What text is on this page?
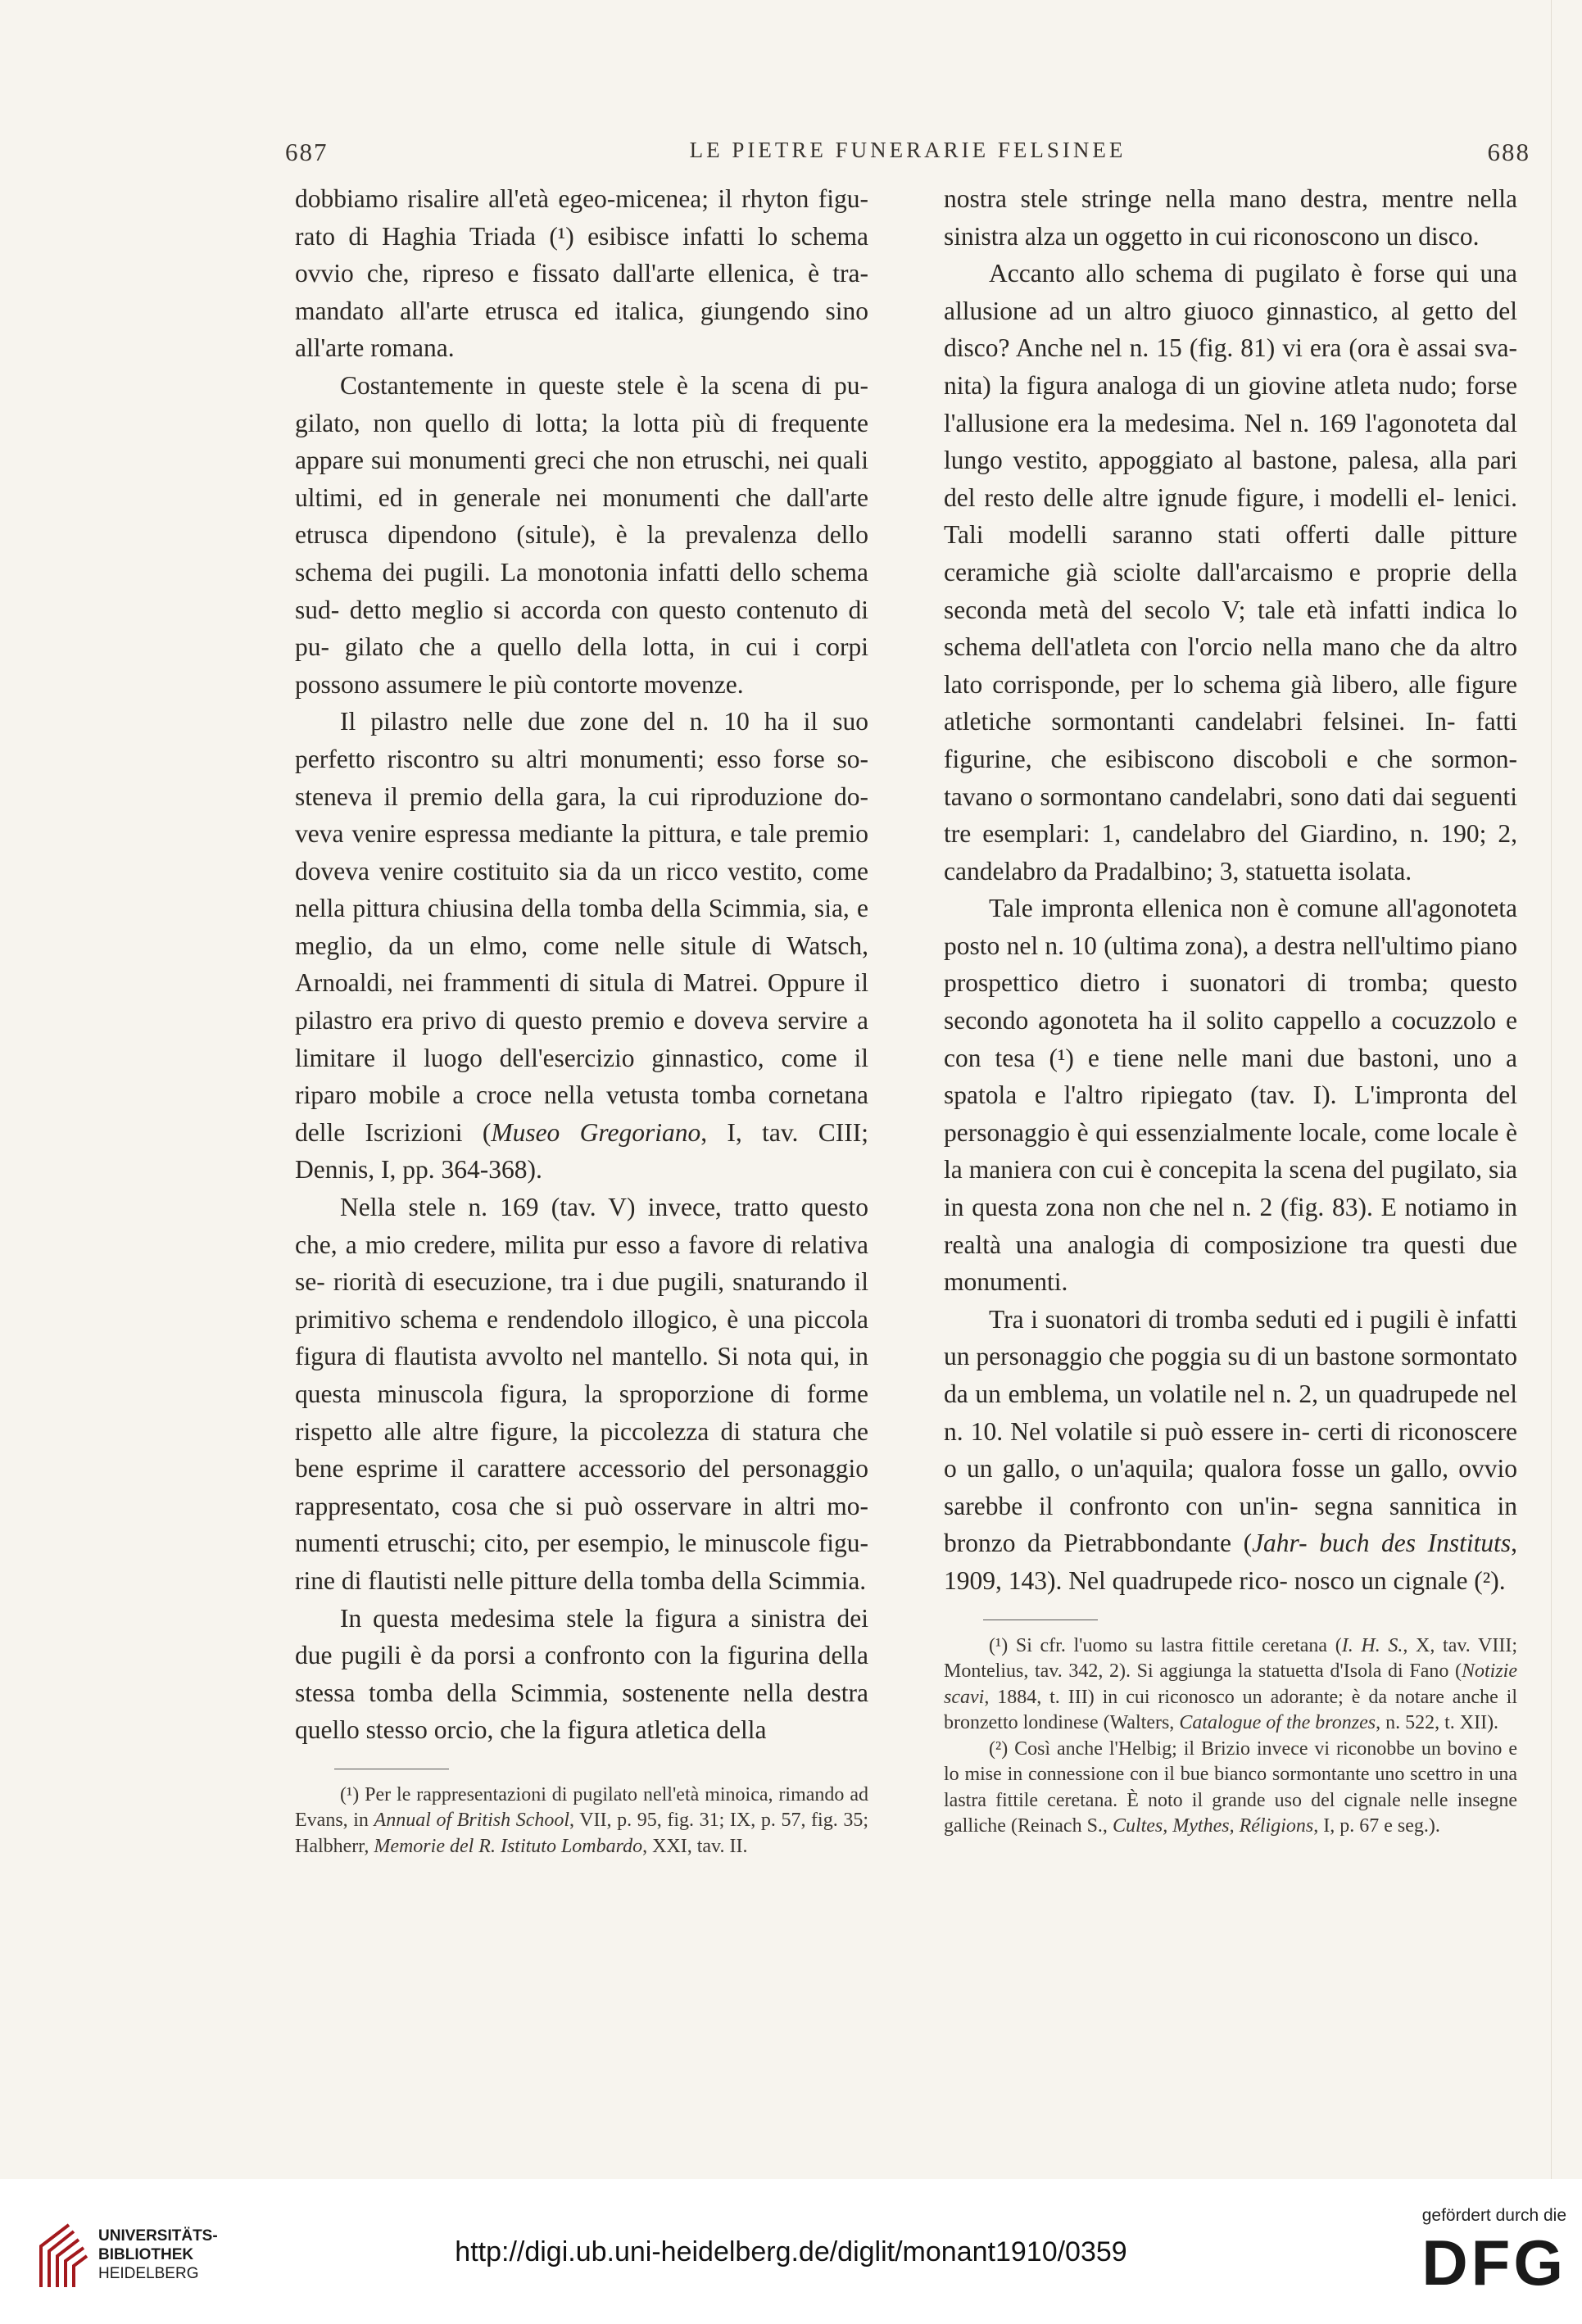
687	LE PIETRE FUNERARIE FELSINEE	688

dobbiamo risalire all'età egeo-micenea; il rhyton figu- rato di Haghia Triada (¹) esibisce infatti lo schema ovvio che, ripreso e fissato dall'arte ellenica, è tra- mandato all'arte etrusca ed italica, giungendo sino all'arte romana.

Costantemente in queste stele è la scena di pu- gilato, non quello di lotta; la lotta più di frequente appare sui monumenti greci che non etruschi, nei quali ultimi, ed in generale nei monumenti che dall'arte etrusca dipendono (situle), è la prevalenza dello schema dei pugili. La monotonia infatti dello schema sud- detto meglio si accorda con questo contenuto di pu- gilato che a quello della lotta, in cui i corpi possono assumere le più contorte movenze.

Il pilastro nelle due zone del n. 10 ha il suo perfetto riscontro su altri monumenti; esso forse so- steneva il premio della gara, la cui riproduzione do- veva venire espressa mediante la pittura, e tale premio doveva venire costituito sia da un ricco vestito, come nella pittura chiusina della tomba della Scimmia, sia, e meglio, da un elmo, come nelle situle di Watsch, Arnoaldi, nei frammenti di situla di Matrei. Oppure il pilastro era privo di questo premio e doveva servire a limitare il luogo dell'esercizio ginnastico, come il riparo mobile a croce nella vetusta tomba cornetana delle Iscrizioni (Museo Gregoriano, I, tav. CIII; Dennis, I, pp. 364-368).

Nella stele n. 169 (tav. V) invece, tratto questo che, a mio credere, milita pur esso a favore di relativa se- riorità di esecuzione, tra i due pugili, snaturando il primitivo schema e rendendolo illogico, è una piccola figura di flautista avvolto nel mantello. Si nota qui, in questa minuscola figura, la sproporzione di forme rispetto alle altre figure, la piccolezza di statura che bene esprime il carattere accessorio del personaggio rappresentato, cosa che si può osservare in altri mo- numenti etruschi; cito, per esempio, le minuscole figu- rine di flautisti nelle pitture della tomba della Scimmia.

In questa medesima stele la figura a sinistra dei due pugili è da porsi a confronto con la figurina della stessa tomba della Scimmia, sostenente nella destra quello stesso orcio, che la figura atletica della

(¹) Per le rappresentazioni di pugilato nell'età minoica, rimando ad Evans, in Annual of British School, VII, p. 95, fig. 31; IX, p. 57, fig. 35; Halbherr, Memorie del R. Istituto Lombardo, XXI, tav. II.

nostra stele stringe nella mano destra, mentre nella sinistra alza un oggetto in cui riconoscono un disco.

Accanto allo schema di pugilato è forse qui una allusione ad un altro giuoco ginnastico, al getto del disco? Anche nel n. 15 (fig. 81) vi era (ora è assai sva- nita) la figura analoga di un giovine atleta nudo; forse l'allusione era la medesima. Nel n. 169 l'agonoteta dal lungo vestito, appoggiato al bastone, palesa, alla pari del resto delle altre ignude figure, i modelli el- lenici. Tali modelli saranno stati offerti dalle pitture ceramiche già sciolte dall'arcaismo e proprie della seconda metà del secolo V; tale età infatti indica lo schema dell'atleta con l'orcio nella mano che da altro lato corrisponde, per lo schema già libero, alle figure atletiche sormontanti candelabri felsinei. In- fatti figurine, che esibiscono discoboli e che sormon- tavano o sormontano candelabri, sono dati dai seguenti tre esemplari: 1, candelabro del Giardino, n. 190; 2, candelabro da Pradalbino; 3, statuetta isolata.

Tale impronta ellenica non è comune all'agonoteta posto nel n. 10 (ultima zona), a destra nell'ultimo piano prospettico dietro i suonatori di tromba; questo secondo agonoteta ha il solito cappello a cocuzzolo e con tesa (¹) e tiene nelle mani due bastoni, uno a spatola e l'altro ripiegato (tav. I). L'impronta del personaggio è qui essenzialmente locale, come locale è la maniera con cui è concepita la scena del pugilato, sia in questa zona non che nel n. 2 (fig. 83). E notiamo in realtà una analogia di composizione tra questi due monumenti.

Tra i suonatori di tromba seduti ed i pugili è infatti un personaggio che poggia su di un bastone sormontato da un emblema, un volatile nel n. 2, un quadrupede nel n. 10. Nel volatile si può essere in- certi di riconoscere o un gallo, o un'aquila; qualora fosse un gallo, ovvio sarebbe il confronto con un'in- segna sannitica in bronzo da Pietrabbondante (Jahr- buch des Instituts, 1909, 143). Nel quadrupede rico- nosco un cignale (²).

(¹) Si cfr. l'uomo su lastra fittile ceretana (I. H. S., X, tav. VIII; Montelius, tav. 342, 2). Si aggiunga la statuetta d'Isola di Fano (Notizie scavi, 1884, t. III) in cui riconosco un adorante; è da notare anche il bronzetto londinese (Walters, Catalogue of the bronzes, n. 522, t. XII).

(²) Così anche l'Helbig; il Brizio invece vi riconobbe un bovino e lo mise in connessione con il bue bianco sormontante uno scettro in una lastra fittile ceretana. È noto il grande uso del cignale nelle insegne galliche (Reinach S., Cultes, Mythes, Réligions, I, p. 67 e seg.).

UNIVERSITÄTS-
BIBLIOTHEK
HEIDELBERG
http://digi.ub.uni-heidelberg.de/diglit/monant1910/0359
gefördert durch die
DFG
